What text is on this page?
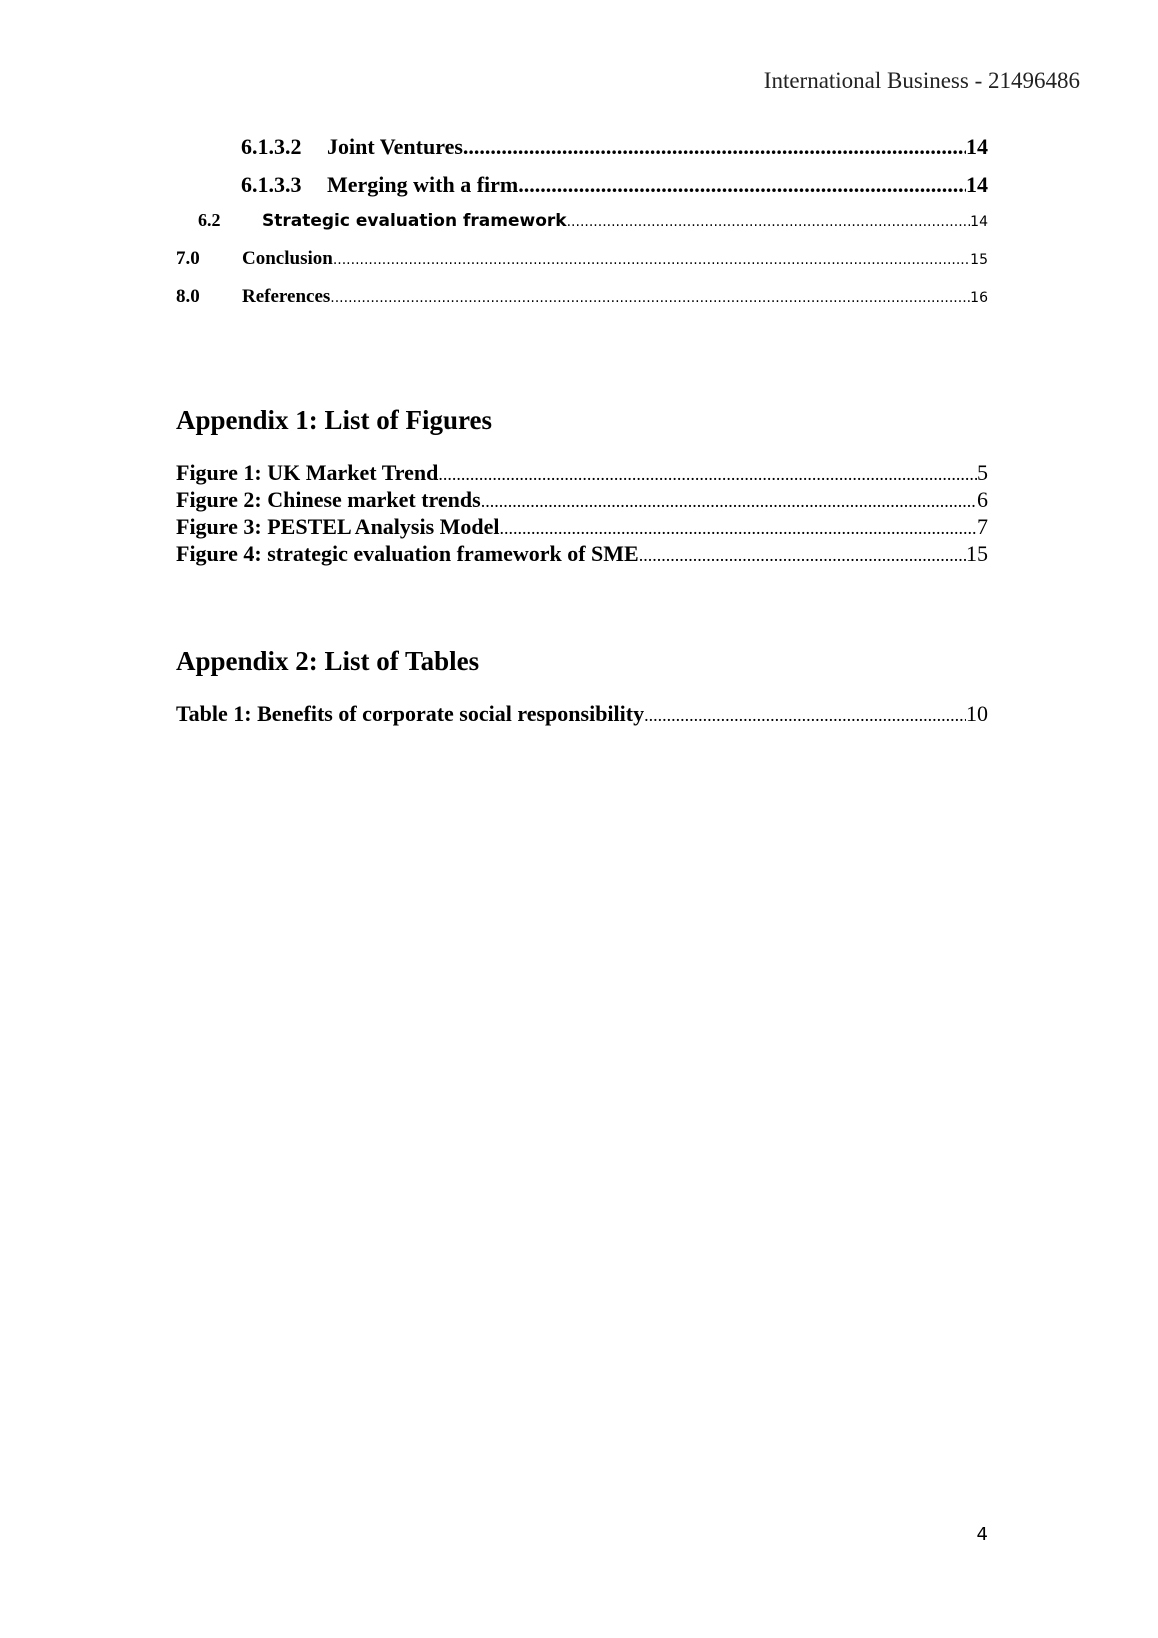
International Business - 21496486
6.1.3.2	Joint Ventures .....	14
6.1.3.3	Merging with a firm .....	14
6.2	Strategic evaluation framework .....	14
7.0	Conclusion .....	15
8.0	References .....	16
Appendix 1: List of Figures
Figure 1: UK Market Trend .....	5
Figure 2: Chinese market trends .....	6
Figure 3: PESTEL Analysis Model .....	7
Figure 4: strategic evaluation framework of SME .....	15
Appendix 2: List of Tables
Table 1: Benefits of corporate social responsibility .....	10
4
